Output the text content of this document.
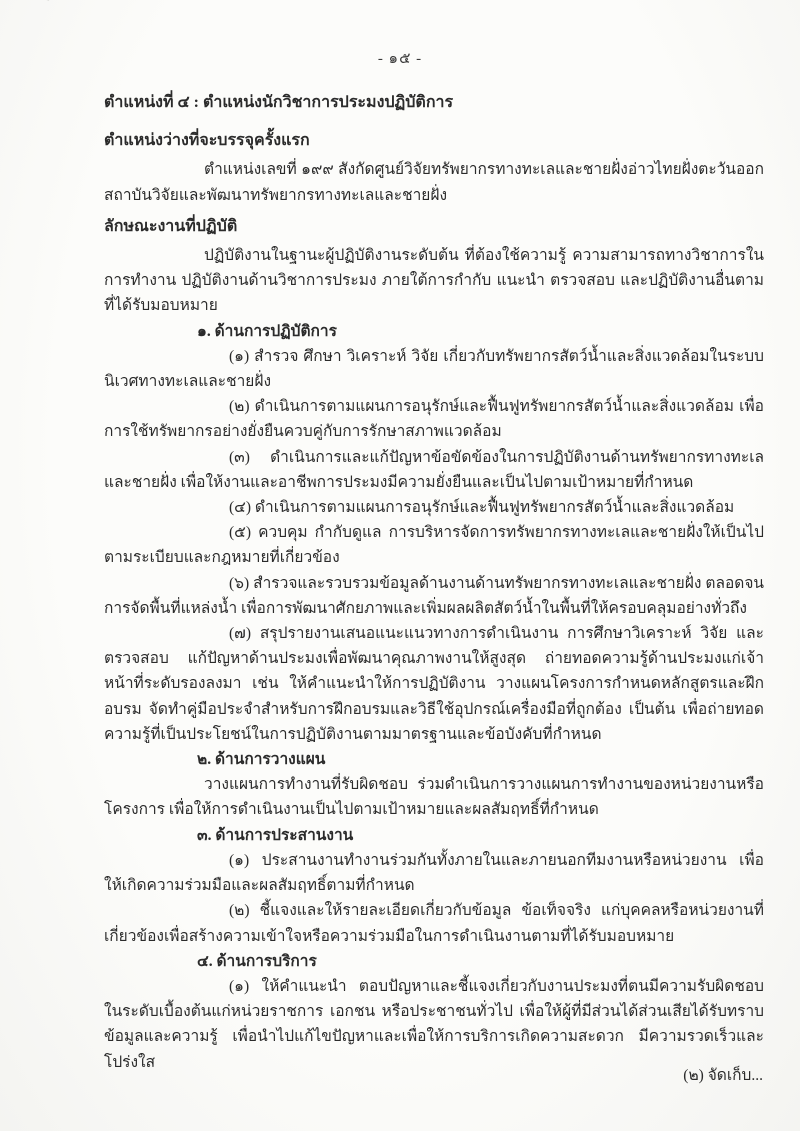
- ๑๕ -

ตำแหน่งที่ ๔ : ตำแหน่งนักวิชาการประมงปฏิบัติการ

ตำแหน่งว่างที่จะบรรจุครั้งแรก

ตำแหน่งเลขที่ ๑๙๙ สังกัดศูนย์วิจัยทรัพยากรทางทะเลและชายฝั่งอ่าวไทยฝั่งตะวันออก สถาบันวิจัยและพัฒนาทรัพยากรทางทะเลและชายฝั่ง

ลักษณะงานที่ปฏิบัติ

ปฏิบัติงานในฐานะผู้ปฏิบัติงานระดับต้น ที่ต้องใช้ความรู้ ความสามารถทางวิชาการในการทำงาน ปฏิบัติงานด้านวิชาการประมง ภายใต้การกำกับ แนะนำ ตรวจสอบ และปฏิบัติงานอื่นตามที่ได้รับมอบหมาย

๑. ด้านการปฏิบัติการ

(๑) สำรวจ ศึกษา วิเคราะห์ วิจัย เกี่ยวกับทรัพยากรสัตว์น้ำและสิ่งแวดล้อมในระบบนิเวศทางทะเลและชายฝั่ง

(๒) ดำเนินการตามแผนการอนุรักษ์และฟื้นฟูทรัพยากรสัตว์น้ำและสิ่งแวดล้อม เพื่อการใช้ทรัพยากรอย่างยั่งยืนควบคู่กับการรักษาสภาพแวดล้อม

(๓) ดำเนินการและแก้ปัญหาข้อขัดข้องในการปฏิบัติงานด้านทรัพยากรทางทะเลและชายฝั่ง เพื่อให้งานและอาชีพการประมงมีความยั่งยืนและเป็นไปตามเป้าหมายที่กำหนด

(๔) ดำเนินการตามแผนการอนุรักษ์และฟื้นฟูทรัพยากรสัตว์น้ำและสิ่งแวดล้อม

(๕) ควบคุม กำกับดูแล การบริหารจัดการทรัพยากรทางทะเลและชายฝั่งให้เป็นไปตามระเบียบและกฎหมายที่เกี่ยวข้อง

(๖) สำรวจและรวบรวมข้อมูลด้านงานด้านทรัพยากรทางทะเลและชายฝั่ง ตลอดจนการจัดพื้นที่แหล่งน้ำ เพื่อการพัฒนาศักยภาพและเพิ่มผลผลิตสัตว์น้ำในพื้นที่ให้ครอบคลุมอย่างทั่วถึง

(๗) สรุปรายงานเสนอแนะแนวทางการดำเนินงาน การศึกษาวิเคราะห์ วิจัย และตรวจสอบ แก้ปัญหาด้านประมงเพื่อพัฒนาคุณภาพงานให้สูงสุด ถ่ายทอดความรู้ด้านประมงแก่เจ้าหน้าที่ระดับรองลงมา เช่น ให้คำแนะนำให้การปฏิบัติงาน วางแผนโครงการกำหนดหลักสูตรและฝึกอบรม จัดทำคู่มือประจำสำหรับการฝึกอบรมและวิธีใช้อุปกรณ์เครื่องมือที่ถูกต้อง เป็นต้น เพื่อถ่ายทอดความรู้ที่เป็นประโยชน์ในการปฏิบัติงานตามมาตรฐานและข้อบังคับที่กำหนด

๒. ด้านการวางแผน

วางแผนการทำงานที่รับผิดชอบ ร่วมดำเนินการวางแผนการทำงานของหน่วยงานหรือโครงการ เพื่อให้การดำเนินงานเป็นไปตามเป้าหมายและผลสัมฤทธิ์ที่กำหนด

๓. ด้านการประสานงาน

(๑) ประสานงานทำงานร่วมกันทั้งภายในและภายนอกทีมงานหรือหน่วยงาน เพื่อให้เกิดความร่วมมือและผลสัมฤทธิ์ตามที่กำหนด

(๒) ชี้แจงและให้รายละเอียดเกี่ยวกับข้อมูล ข้อเท็จจริง แก่บุคคลหรือหน่วยงานที่เกี่ยวข้องเพื่อสร้างความเข้าใจหรือความร่วมมือในการดำเนินงานตามที่ได้รับมอบหมาย

๔. ด้านการบริการ

(๑) ให้คำแนะนำ ตอบปัญหาและชี้แจงเกี่ยวกับงานประมงที่ตนมีความรับผิดชอบในระดับเบื้องต้นแก่หน่วยราชการ เอกชน หรือประชาชนทั่วไป เพื่อให้ผู้ที่มีส่วนได้ส่วนเสียได้รับทราบข้อมูลและความรู้ เพื่อนำไปแก้ไขปัญหาและเพื่อให้การบริการเกิดความสะดวก มีความรวดเร็วและโปร่งใส

(๒) จัดเก็บ...
